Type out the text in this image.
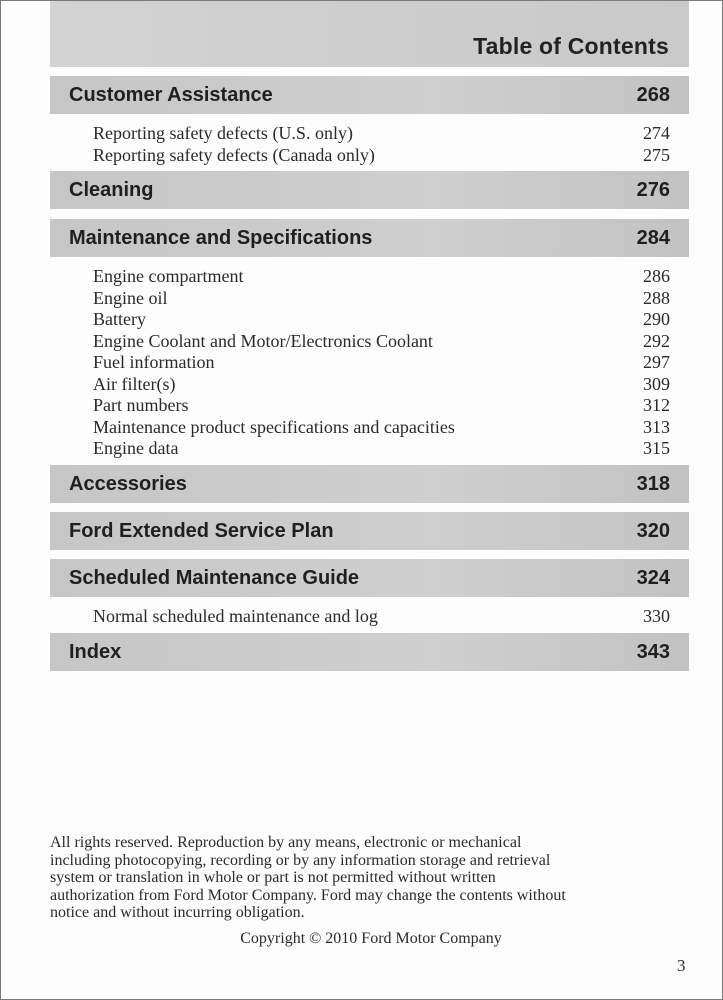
Table of Contents
Customer Assistance	268
Reporting safety defects (U.S. only)	274
Reporting safety defects (Canada only)	275
Cleaning	276
Maintenance and Specifications	284
Engine compartment	286
Engine oil	288
Battery	290
Engine Coolant and Motor/Electronics Coolant	292
Fuel information	297
Air filter(s)	309
Part numbers	312
Maintenance product specifications and capacities	313
Engine data	315
Accessories	318
Ford Extended Service Plan	320
Scheduled Maintenance Guide	324
Normal scheduled maintenance and log	330
Index	343
All rights reserved. Reproduction by any means, electronic or mechanical
including photocopying, recording or by any information storage and retrieval
system or translation in whole or part is not permitted without written
authorization from Ford Motor Company. Ford may change the contents without
notice and without incurring obligation.
Copyright © 2010 Ford Motor Company
3
